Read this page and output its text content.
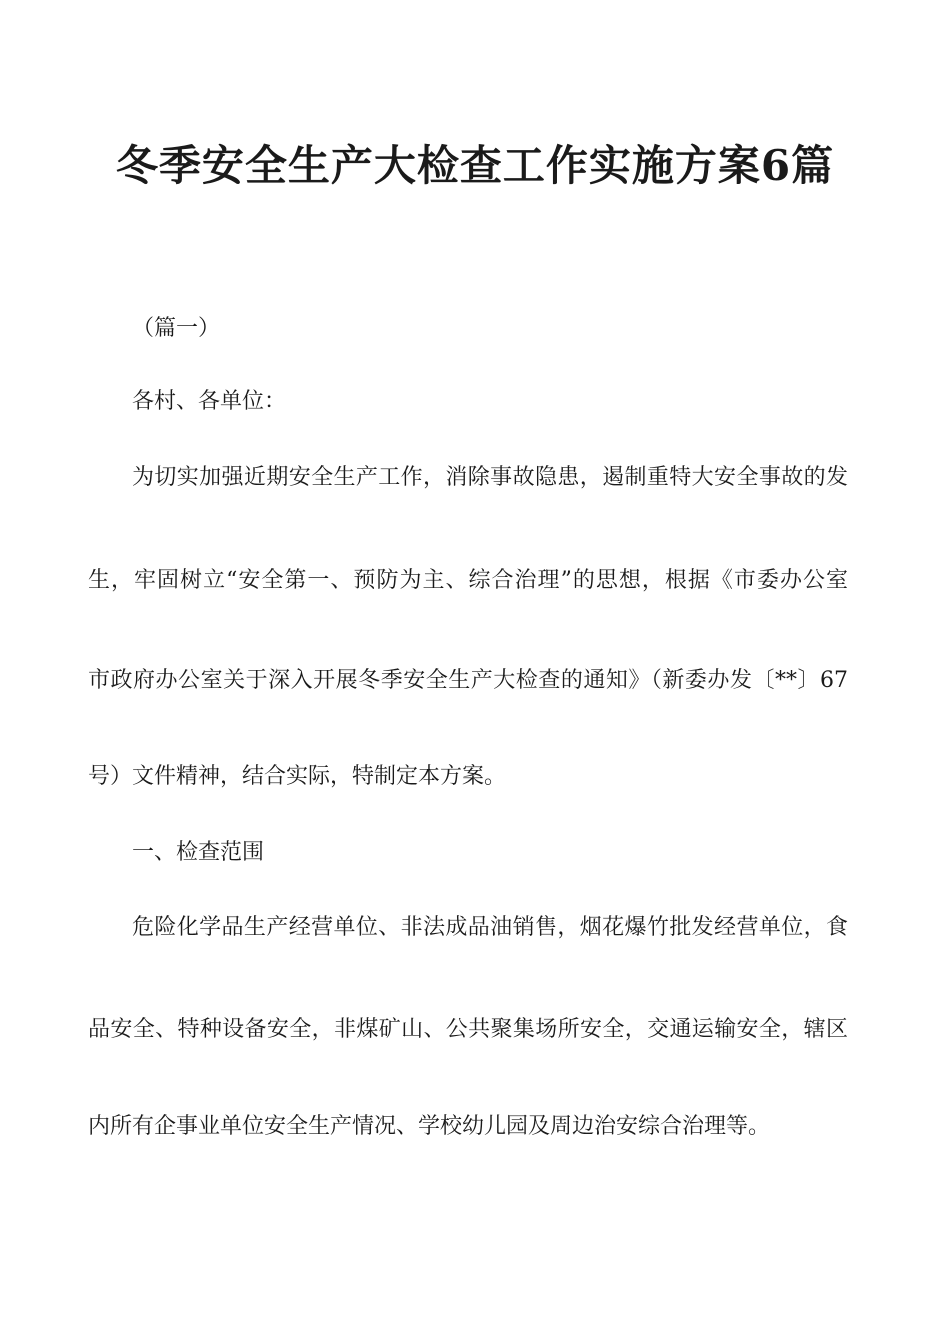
冬季安全生产大检查工作实施方案6篇
（篇一）
各村、各单位：
为切实加强近期安全生产工作，消除事故隐患，遏制重特大安全事故的发
生，牢固树立“安全第一、预防为主、综合治理”的思想，根据《市委办公室
市政府办公室关于深入开展冬季安全生产大检查的通知》（新委办发〔**〕67
号）文件精神，结合实际，特制定本方案。
一、检查范围
危险化学品生产经营单位、非法成品油销售，烟花爆竹批发经营单位，食
品安全、特种设备安全，非煤矿山、公共聚集场所安全，交通运输安全，辖区
内所有企事业单位安全生产情况、学校幼儿园及周边治安综合治理等。
